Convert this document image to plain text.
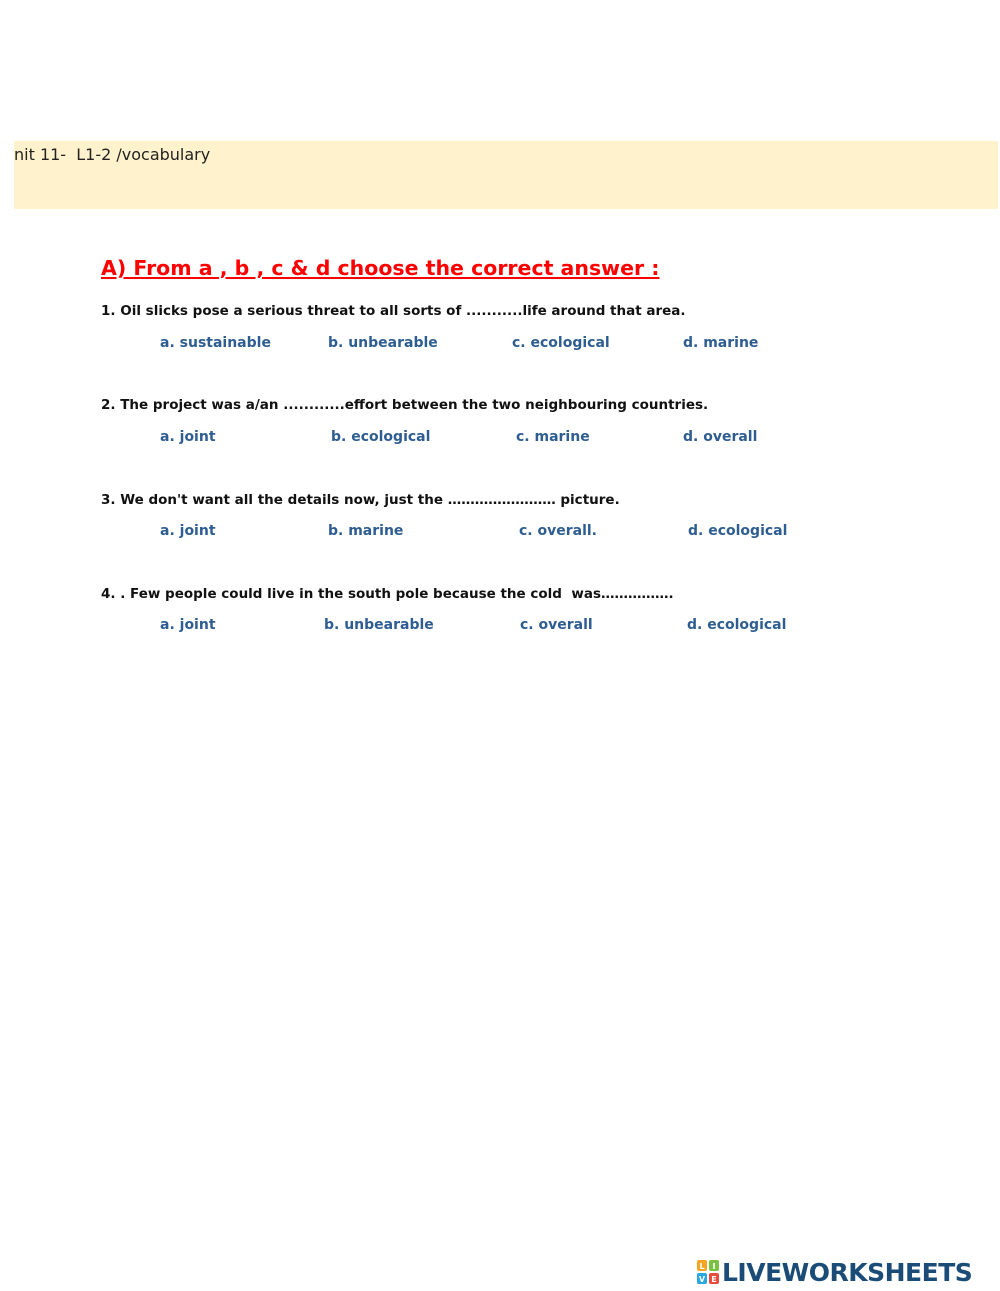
nit 11-  L1-2 /vocabulary
A) From a , b , c & d choose the correct answer :
1. Oil slicks pose a serious threat to all sorts of ...........life around that area.
a. sustainable	b. unbearable	c. ecological	d. marine
2. The project was a/an ............effort between the two neighbouring countries.
a. joint	b. ecological	c. marine	d. overall
3. We don't want all the details now, just the …………………… picture.
a. joint	b. marine	c. overall.	d. ecological
4. . Few people could live in the south pole because the cold  was…………….
a. joint	b. unbearable	c. overall	d. ecological
L I
V E LIVEWORKSHEETS
